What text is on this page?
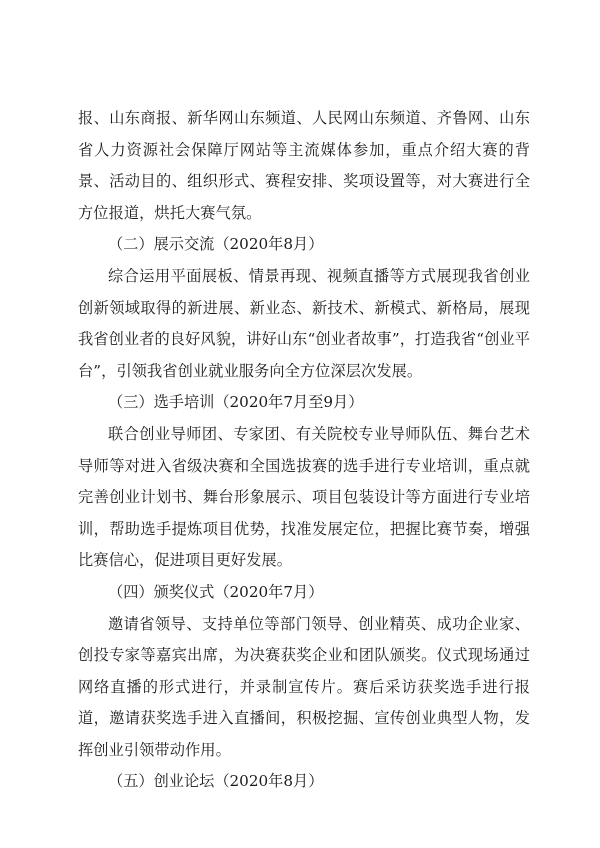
报、山东商报、新华网山东频道、人民网山东频道、齐鲁网、山东省人力资源社会保障厅网站等主流媒体参加，重点介绍大赛的背景、活动目的、组织形式、赛程安排、奖项设置等，对大赛进行全方位报道，烘托大赛气氛。

（二）展示交流（2020年8月）

综合运用平面展板、情景再现、视频直播等方式展现我省创业创新领域取得的新进展、新业态、新技术、新模式、新格局，展现我省创业者的良好风貌，讲好山东“创业者故事”，打造我省“创业平台”，引领我省创业就业服务向全方位深层次发展。

（三）选手培训（2020年7月至9月）

联合创业导师团、专家团、有关院校专业导师队伍、舞台艺术导师等对进入省级决赛和全国选拔赛的选手进行专业培训，重点就完善创业计划书、舞台形象展示、项目包装设计等方面进行专业培训，帮助选手提炼项目优势，找准发展定位，把握比赛节奏，增强比赛信心，促进项目更好发展。

（四）颁奖仪式（2020年7月）

邀请省领导、支持单位等部门领导、创业精英、成功企业家、创投专家等嘉宾出席，为决赛获奖企业和团队颁奖。仪式现场通过网络直播的形式进行，并录制宣传片。赛后采访获奖选手进行报道，邀请获奖选手进入直播间，积极挖掘、宣传创业典型人物，发挥创业引领带动作用。

（五）创业论坛（2020年8月）
